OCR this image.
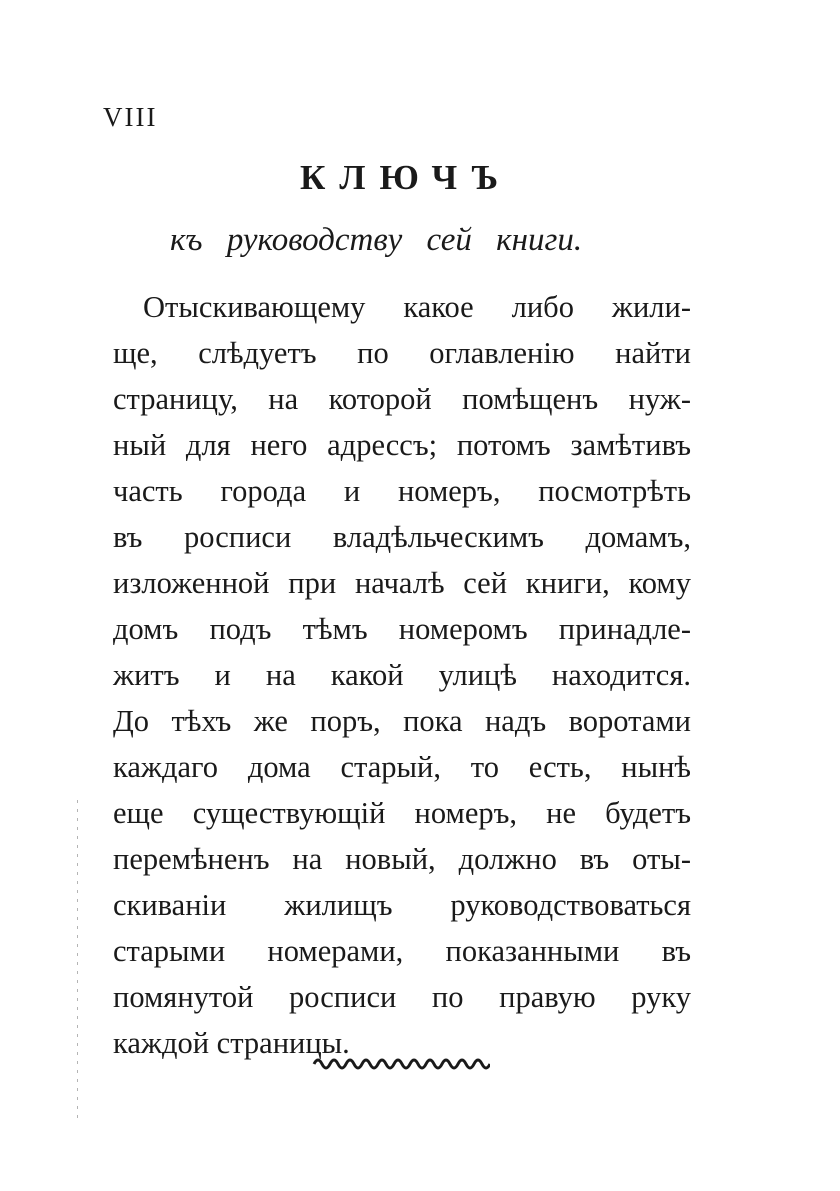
VIII
КЛЮЧЪ
къ руководству сей книги.
Отыскивающему какое либо жили-
ще, слѣдуетъ по оглавленію найти
страницу, на которой помѣщенъ нуж-
ный для него адрессъ; потомъ замѣтивъ
часть города и номеръ, посмотрѣть
въ росписи владѣльческимъ домамъ,
изложенной при началѣ сей книги, кому
домъ подъ тѣмъ номеромъ принадле-
житъ и на какой улицѣ находится.
До тѣхъ же поръ, пока надъ воротами
каждаго дома старый, то есть, нынѣ
еще существующій номеръ, не будетъ
перемѣненъ на новый, должно въ оты-
скиваніи жилищъ руководствоваться
старыми номерами, показанными въ
помянутой росписи по правую руку
каждой страницы.
